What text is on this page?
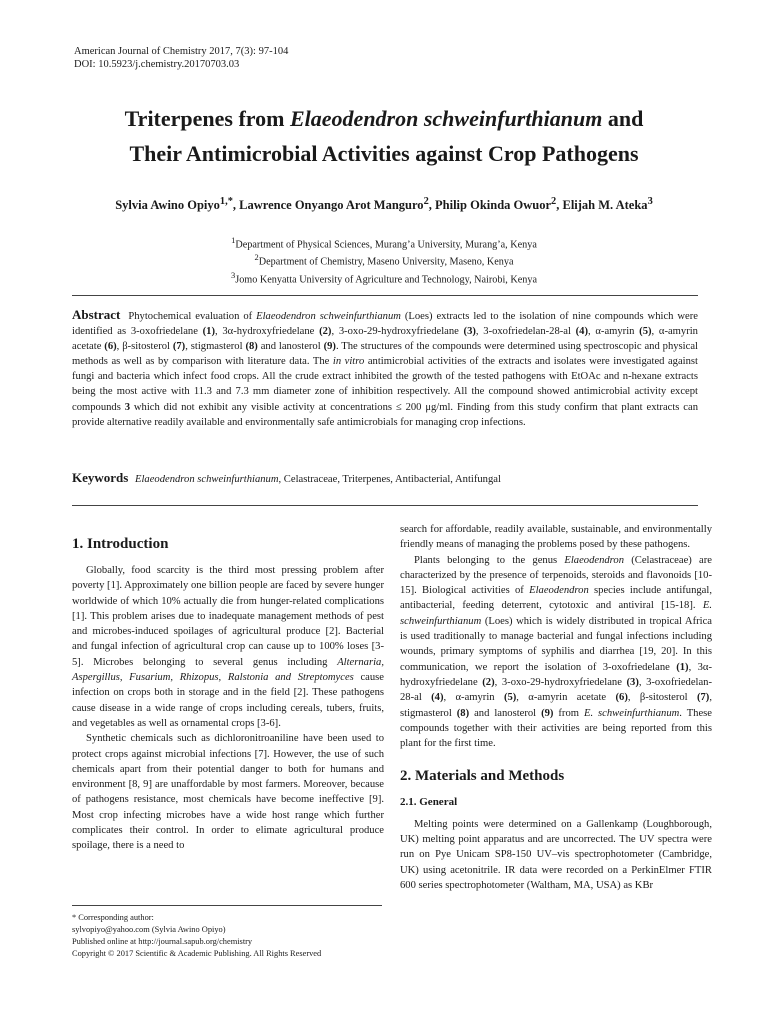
American Journal of Chemistry 2017, 7(3): 97-104
DOI: 10.5923/j.chemistry.20170703.03
Triterpenes from Elaeodendron schweinfurthianum and
Their Antimicrobial Activities against Crop Pathogens
Sylvia Awino Opiyo$^{1,*}$, Lawrence Onyango Arot Manguro$^2$, Philip Okinda Owuor$^2$, Elijah M. Ateka$^3$
$^1$Department of Physical Sciences, Murang’a University, Murang’a, Kenya
$^2$Department of Chemistry, Maseno University, Maseno, Kenya
$^3$Jomo Kenyatta University of Agriculture and Technology, Nairobi, Kenya
Abstract Phytochemical evaluation of Elaeodendron schweinfurthianum (Loes) extracts led to the isolation of nine compounds which were identified as 3-oxofriedelane (1), 3α-hydroxyfriedelane (2), 3-oxo-29-hydroxyfriedelane (3), 3-oxofriedelan-28-al (4), α-amyrin (5), α-amyrin acetate (6), β-sitosterol (7), stigmasterol (8) and lanosterol (9). The structures of the compounds were determined using spectroscopic and physical methods as well as by comparison with literature data. The in vitro antimicrobial activities of the extracts and isolates were investigated against fungi and bacteria which infect food crops. All the crude extract inhibited the growth of the tested pathogens with EtOAc and n-hexane extracts being the most active with 11.3 and 7.3 mm diameter zone of inhibition respectively. All the compound showed antimicrobial activity except compounds 3 which did not exhibit any visible activity at concentrations ≤ 200 μg/ml. Finding from this study confirm that plant extracts can provide alternative readily available and environmentally safe antimicrobials for managing crop infections.
Keywords Elaeodendron schweinfurthianum, Celastraceae, Triterpenes, Antibacterial, Antifungal
1. Introduction

Globally, food scarcity is the third most pressing problem after poverty [1]. Approximately one billion people are faced by severe hunger worldwide of which 10% actually die from hunger-related complications [1]. This problem arises due to inadequate management methods of pest and microbes-induced spoilages of agricultural produce [2]. Bacterial and fungal infection of agricultural crop can cause up to 100% loses [3-5]. Microbes belonging to several genus including Alternaria, Aspergillus, Fusarium, Rhizopus, Ralstonia and Streptomyces cause infection on crops both in storage and in the field [2]. These pathogens cause disease in a wide range of crops including cereals, tubers, fruits, and vegetables as well as ornamental crops [3-6].

Synthetic chemicals such as dichloronitroaniline have been used to protect crops against microbial infections [7]. However, the use of such chemicals apart from their potential danger to both for humans and environment [8, 9] are unaffordable by most farmers. Moreover, because of pathogens resistance, most chemicals have become ineffective [9]. Most crop infecting microbes have a wide host range which further complicates their control. In order to elimate agricultural produce spoilage, there is a need to

search for affordable, readily available, sustainable, and environmentally friendly means of managing the problems posed by these pathogens.

Plants belonging to the genus Elaeodendron (Celastraceae) are characterized by the presence of terpenoids, steroids and flavonoids [10-15]. Biological activities of Elaeodendron species include antifungal, antibacterial, feeding deterrent, cytotoxic and antiviral [15-18]. E. schweinfurthianum (Loes) which is widely distributed in tropical Africa is used traditionally to manage bacterial and fungal infections including wounds, primary symptoms of syphilis and diarrhea [19, 20]. In this communication, we report the isolation of 3-oxofriedelane (1), 3α-hydroxyfriedelane (2), 3-oxo-29-hydroxyfriedelane (3), 3-oxofriedelan-28-al (4), α-amyrin (5), α-amyrin acetate (6), β-sitosterol (7), stigmasterol (8) and lanosterol (9) from E. schweinfurthianum. These compounds together with their activities are being reported from this plant for the first time.

2. Materials and Methods
2.1. General

Melting points were determined on a Gallenkamp (Loughborough, UK) melting point apparatus and are uncorrected. The UV spectra were run on Pye Unicam SP8-150 UV–vis spectrophotometer (Cambridge, UK) using acetonitrile. IR data were recorded on a PerkinElmer FTIR 600 series spectrophotometer (Waltham, MA, USA) as KBr

* Corresponding author:
sylvopiyo@yahoo.com (Sylvia Awino Opiyo)
Published online at http://journal.sapub.org/chemistry
Copyright © 2017 Scientific & Academic Publishing. All Rights Reserved
